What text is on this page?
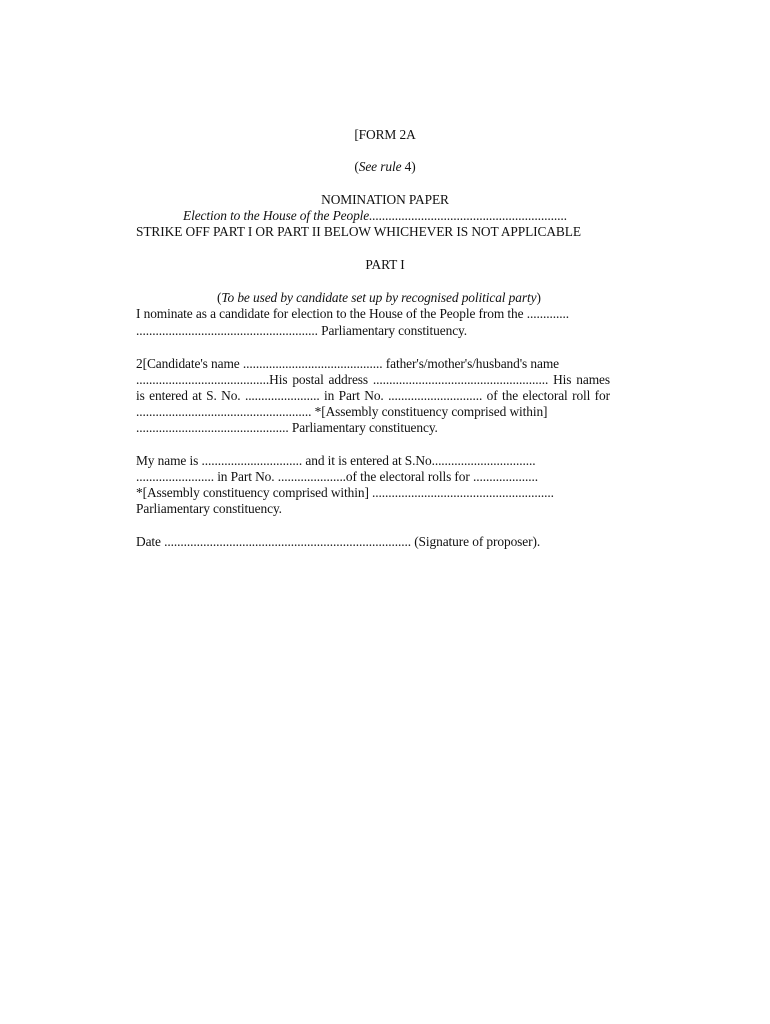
[FORM 2A
(See rule 4)
NOMINATION PAPER
Election to the House of the People.............................................................
STRIKE OFF PART I OR PART II BELOW WHICHEVER IS NOT APPLICABLE
PART I
(To be used by candidate set up by recognised political party)
I nominate as a candidate for election to the House of the People from the .............
........................................................ Parliamentary constituency.
2[Candidate's name ........................................... father's/mother's/husband's name
.........................................His postal address ...................................................... His names
is entered at S. No. ....................... in Part No. ............................. of the electoral roll for
...................................................... *[Assembly constituency comprised within]
............................................... Parliamentary constituency.
My name is ............................... and it is entered at S.No................................
........................ in Part No. .....................of the electoral rolls for ....................
*[Assembly constituency comprised within] ........................................................
Parliamentary constituency.
Date ............................................................................ (Signature of proposer).
